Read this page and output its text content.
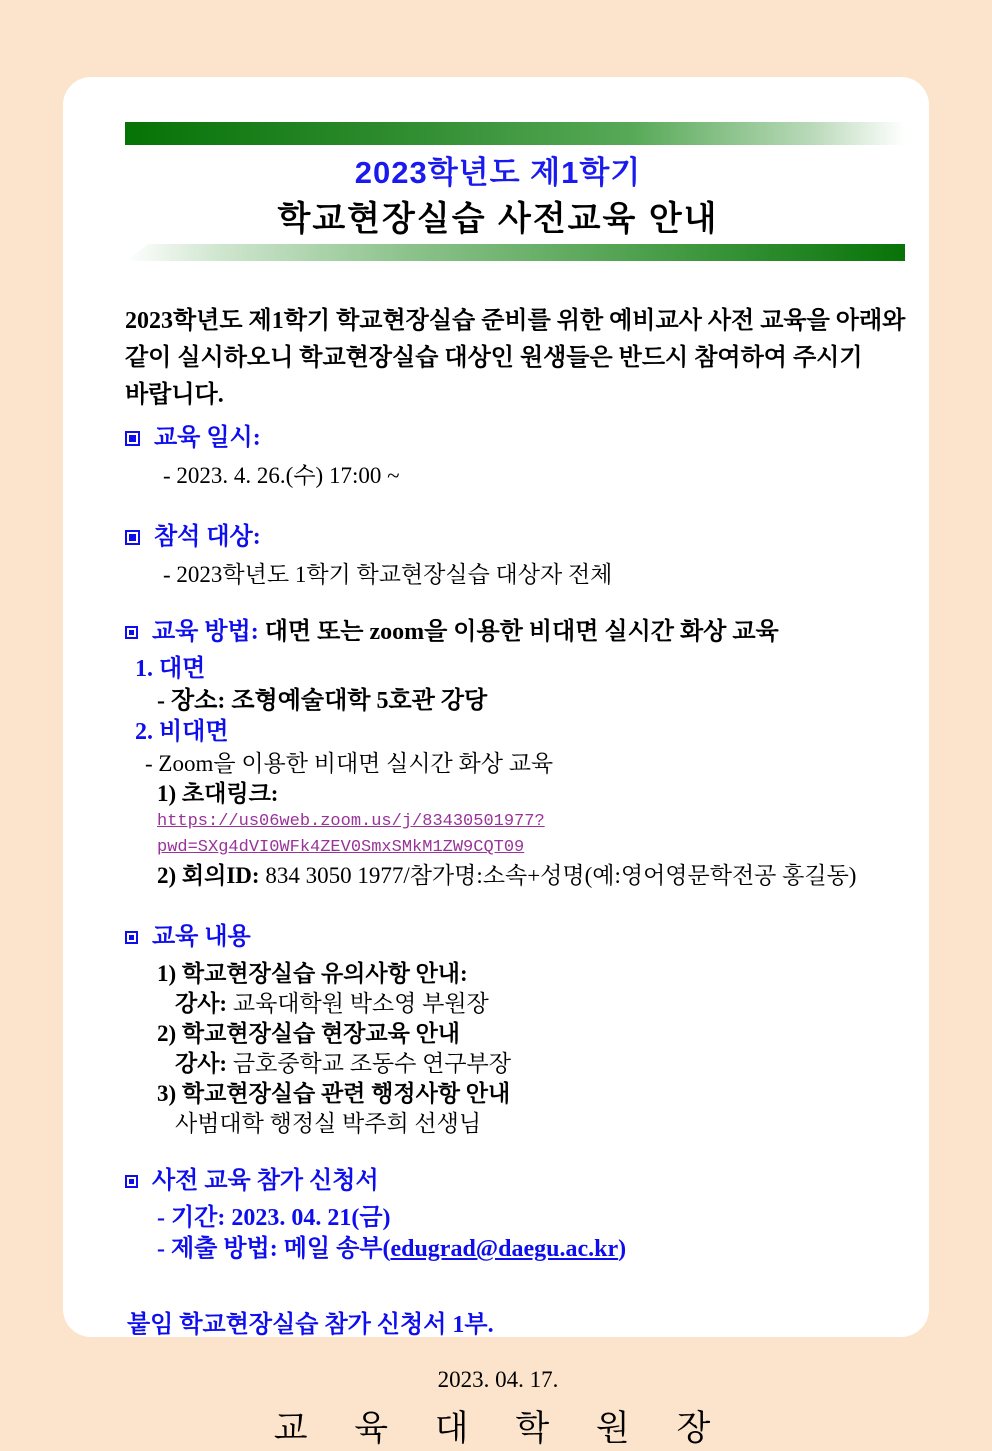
2023학년도 제1학기
학교현장실습 사전교육 안내

2023학년도 제1학기 학교현장실습 준비를 위한 예비교사 사전 교육을 아래와 같이 실시하오니 학교현장실습 대상인 원생들은 반드시 참여하여 주시기 바랍니다.

교육 일시:
- 2023. 4. 26.(수) 17:00 ~
참석 대상:
- 2023학년도 1학기 학교현장실습 대상자 전체
교육 방법: 대면 또는 zoom을 이용한 비대면 실시간 화상 교육
1. 대면
- 장소: 조형예술대학 5호관 강당
2. 비대면
- Zoom을 이용한 비대면 실시간 화상 교육
1) 초대링크:
https://us06web.zoom.us/j/83430501977?pwd=SXg4dVI0WFk4ZEV0SmxSMkM1ZW9CQT09
2) 회의ID: 834 3050 1977/참가명:소속+성명(예:영어영문학전공 홍길동)
교육 내용
1) 학교현장실습 유의사항 안내:
강사: 교육대학원 박소영 부원장
2) 학교현장실습 현장교육 안내
강사: 금호중학교 조동수 연구부장
3) 학교현장실습 관련 행정사항 안내
사범대학 행정실 박주희 선생님
사전 교육 참가 신청서
- 기간: 2023. 04. 21(금)
- 제출 방법: 메일 송부(edugrad@daegu.ac.kr)
붙임 학교현장실습 참가 신청서 1부.
2023. 04. 17.
교 육 대 학 원 장
